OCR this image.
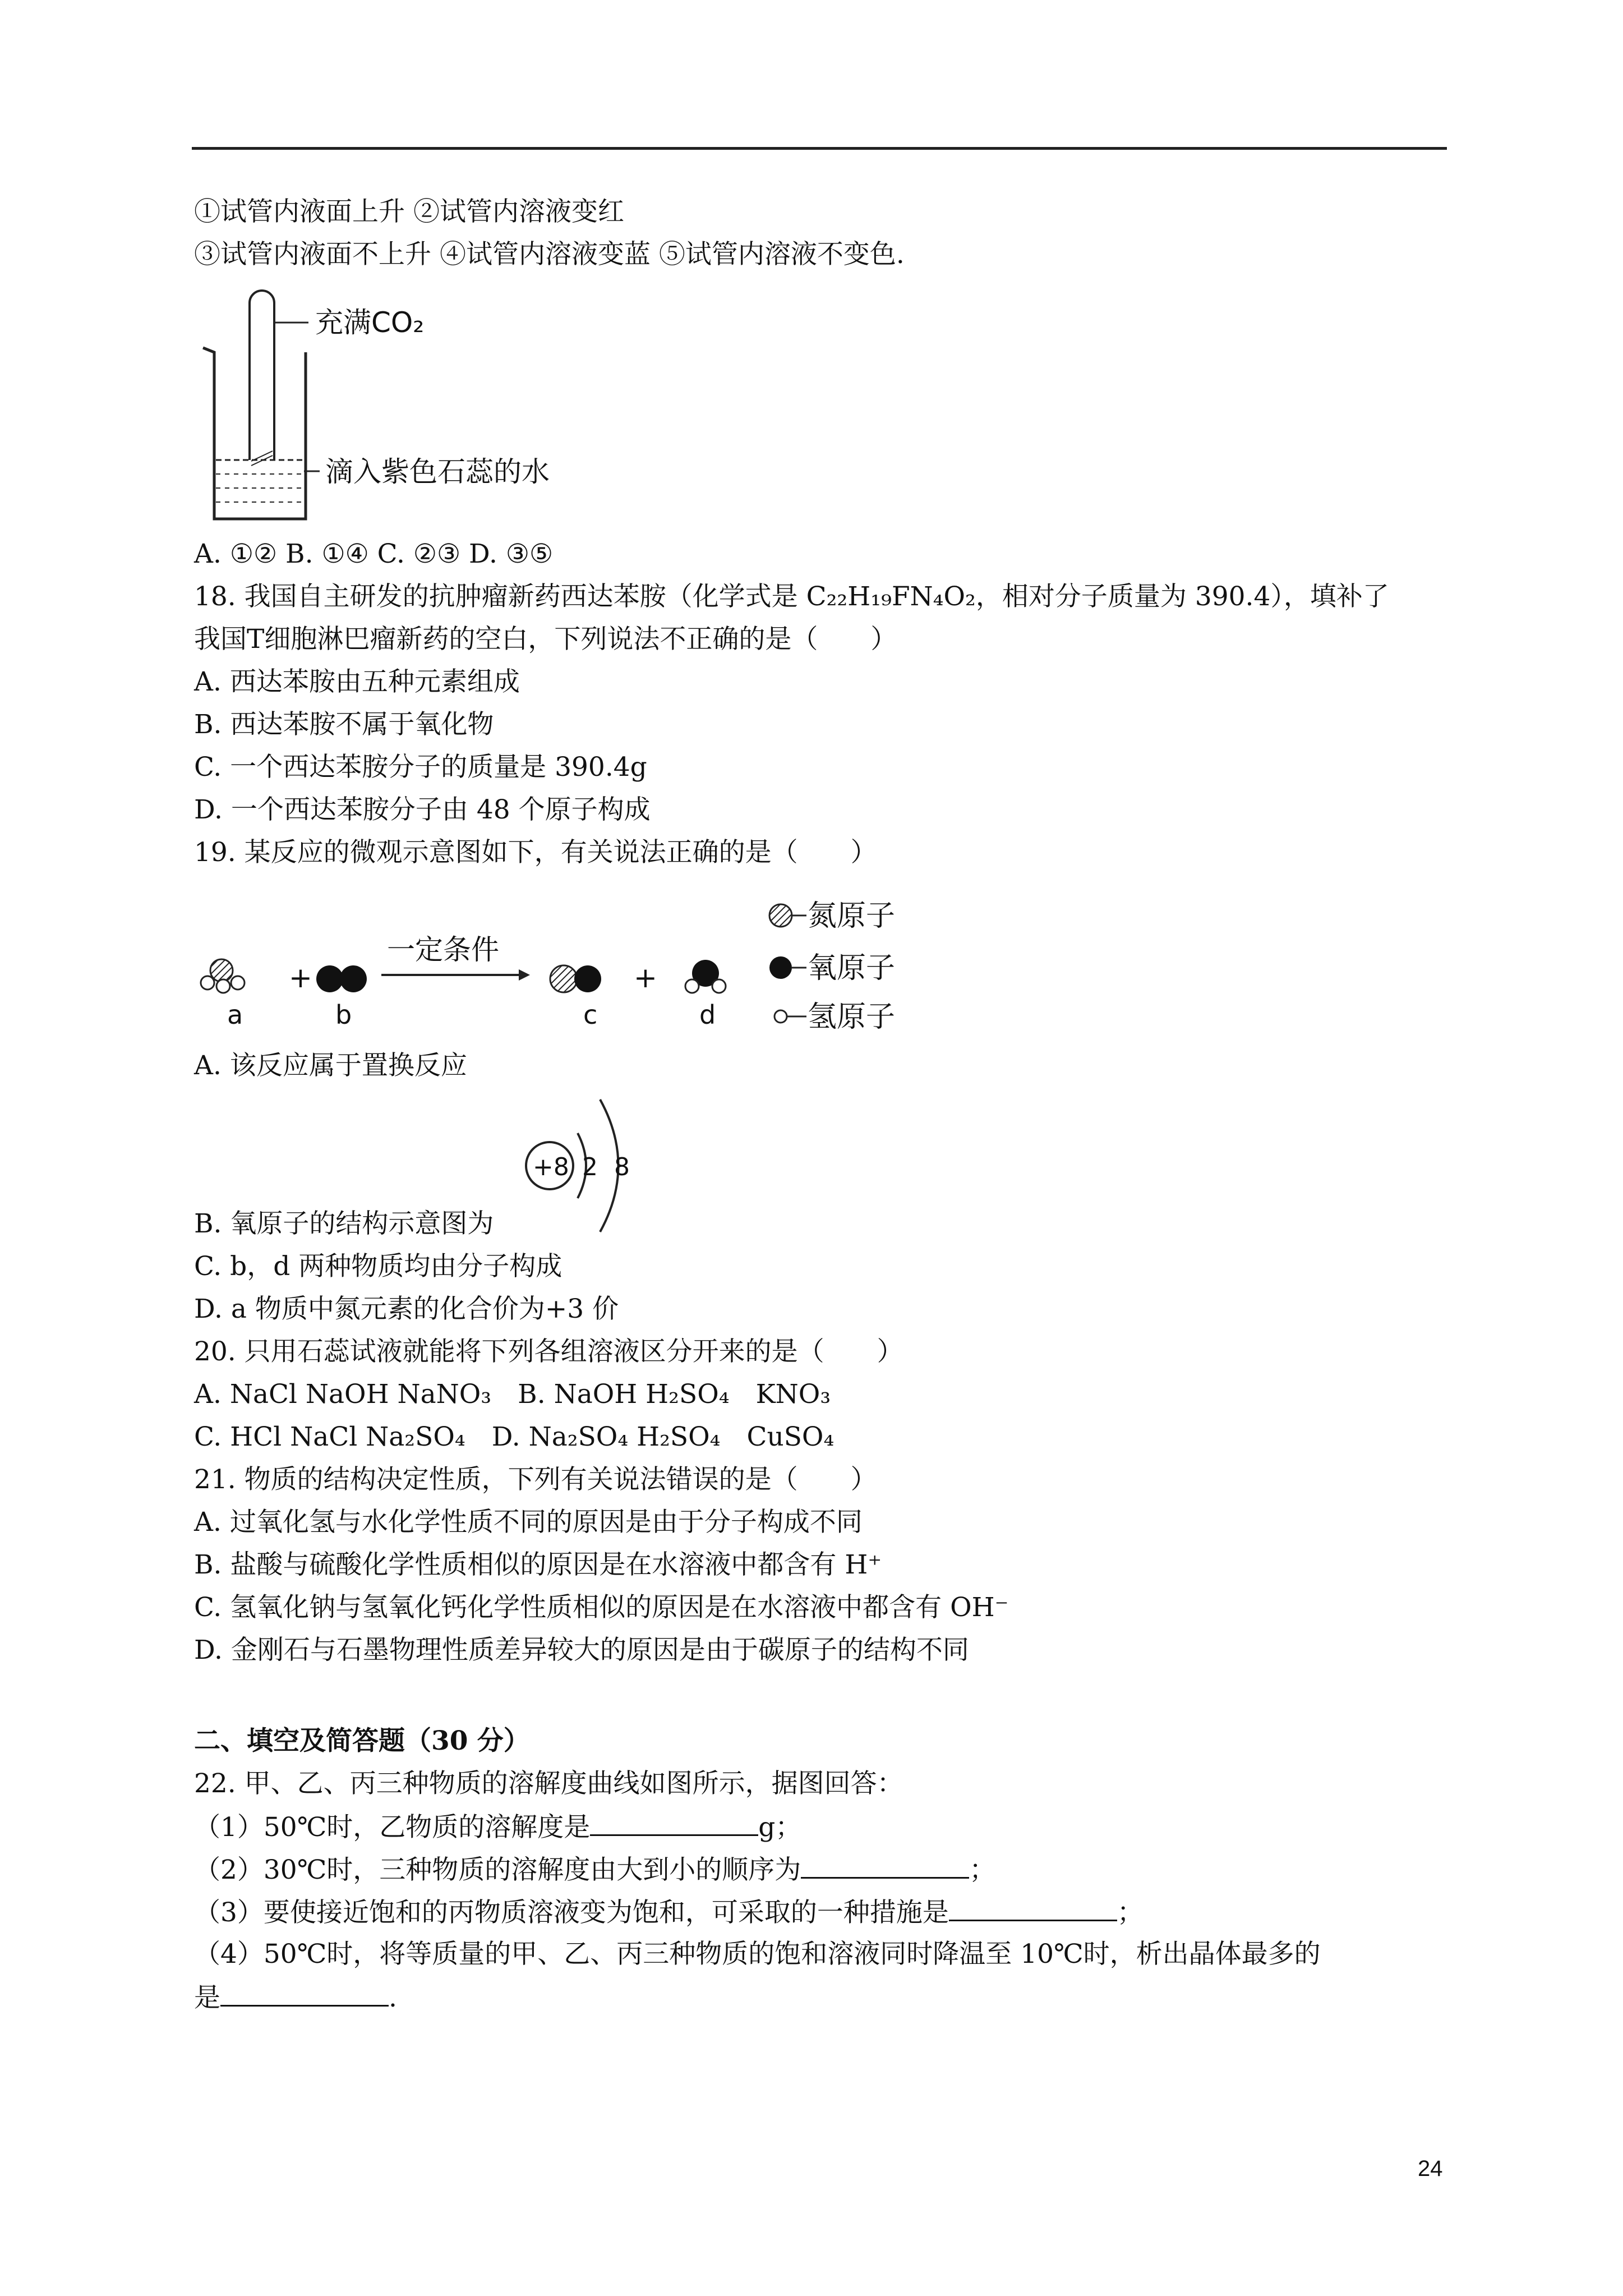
①试管内液面上升 ②试管内溶液变红
③试管内液面不上升 ④试管内溶液变蓝 ⑤试管内溶液不变色.
充满CO₂
滴入紫色石蕊的水
A. ①② B. ①④ C. ②③ D. ③⑤
18. 我国自主研发的抗肿瘤新药西达苯胺（化学式是 C₂₂H₁₉FN₄O₂，相对分子质量为 390.4），填补了
我国T细胞淋巴瘤新药的空白，下列说法不正确的是（　　）
A. 西达苯胺由五种元素组成
B. 西达苯胺不属于氧化物
C. 一个西达苯胺分子的质量是 390.4g
D. 一个西达苯胺分子由 48 个原子构成
19. 某反应的微观示意图如下，有关说法正确的是（　　）
+
一定条件
+
a	b	c	d
氮原子
氧原子
氢原子
A. 该反应属于置换反应
+8 2 8
B. 氧原子的结构示意图为
C. b，d 两种物质均由分子构成
D. a 物质中氮元素的化合价为+3 价
20. 只用石蕊试液就能将下列各组溶液区分开来的是（　　）
A. NaCl NaOH NaNO₃　B. NaOH H₂SO₄　KNO₃
C. HCl NaCl Na₂SO₄　D. Na₂SO₄ H₂SO₄　CuSO₄
21. 物质的结构决定性质，下列有关说法错误的是（　　）
A. 过氧化氢与水化学性质不同的原因是由于分子构成不同
B. 盐酸与硫酸化学性质相似的原因是在水溶液中都含有 H⁺
C. 氢氧化钠与氢氧化钙化学性质相似的原因是在水溶液中都含有 OH⁻
D. 金刚石与石墨物理性质差异较大的原因是由于碳原子的结构不同
二、填空及简答题（30 分）
22. 甲、乙、丙三种物质的溶解度曲线如图所示，据图回答：
（1）50℃时，乙物质的溶解度是	g；
（2）30℃时，三种物质的溶解度由大到小的顺序为	；
（3）要使接近饱和的丙物质溶液变为饱和，可采取的一种措施是	；
（4）50℃时，将等质量的甲、乙、丙三种物质的饱和溶液同时降温至 10℃时，析出晶体最多的
是	.
24
